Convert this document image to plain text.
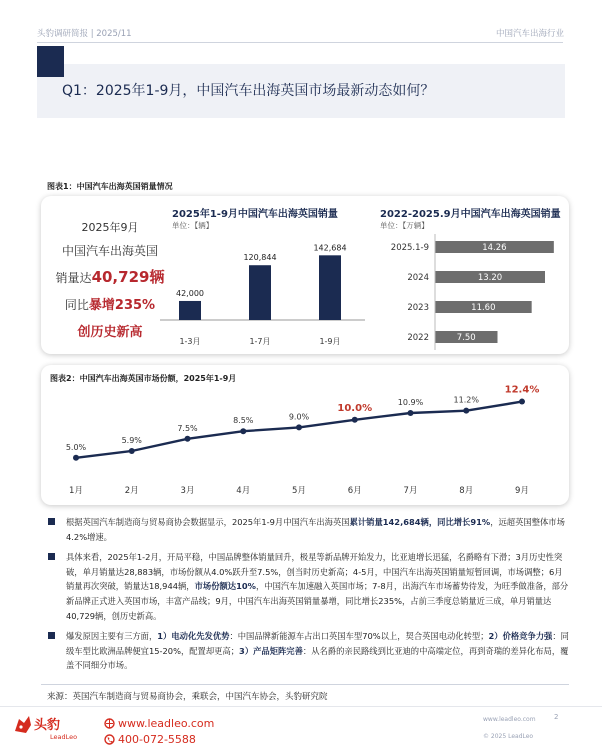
头豹调研简报 | 2025/11	中国汽车出海行业
Q1：2025年1-9月，中国汽车出海英国市场最新动态如何？
图表1：中国汽车出海英国销量情况
2025年9月
中国汽车出海英国
销量达40,729辆
同比暴增235%
创历史新高
2025年1-9月中国汽车出海英国销量
单位：【辆】
2022-2025.9月中国汽车出海英国销量
单位：【万辆】
42,000
1-3月
120,844
1-7月
142,684
1-9月
2025.1-9	14.26
2024	13.20
2023	11.60
2022	7.50
图表2：中国汽车出海英国市场份额，2025年1-9月
5.0%
1月
5.9%
2月
7.5%
3月
8.5%
4月
9.0%
5月
10.0%
6月
10.9%
7月
11.2%
8月
12.4%
9月
根据英国汽车制造商与贸易商协会数据显示，2025年1-9月中国汽车出海英国累计销量142,684辆，同比增长91%，远超英国整体市场4.2%增速。
具体来看，2025年1-2月，开局平稳，中国品牌整体销量回升，极星等新品牌开始发力，比亚迪增长迅猛，名爵略有下滑；3月历史性突破，单月销量达28,883辆，市场份额从4.0%跃升至7.5%，创当时历史新高；4-5月，中国汽车出海英国销量短暂回调，市场调整；6月销量再次突破，销量达18,944辆，市场份额达10%，中国汽车加速融入英国市场；7-8月，出海汽车市场蓄势待发，为旺季做准备，部分新品牌正式进入英国市场，丰富产品线；9月，中国汽车出海英国销量暴增，同比增长235%，占前三季度总销量近三成，单月销量达40,729辆，创历史新高。
爆发原因主要有三方面，1）电动化先发优势：中国品牌新能源车占出口英国车型70%以上，契合英国电动化转型；2）价格竞争力强：同级车型比欧洲品牌便宜15-20%，配置却更高；3）产品矩阵完善：从名爵的亲民路线到比亚迪的中高端定位，再到奇瑞的差异化布局，覆盖不同细分市场。
来源：英国汽车制造商与贸易商协会，乘联会，中国汽车协会，头豹研究院
头豹
LeadLeo
www.leadleo.com
400-072-5588
www.leadleo.com
© 2025 LeadLeo
2
